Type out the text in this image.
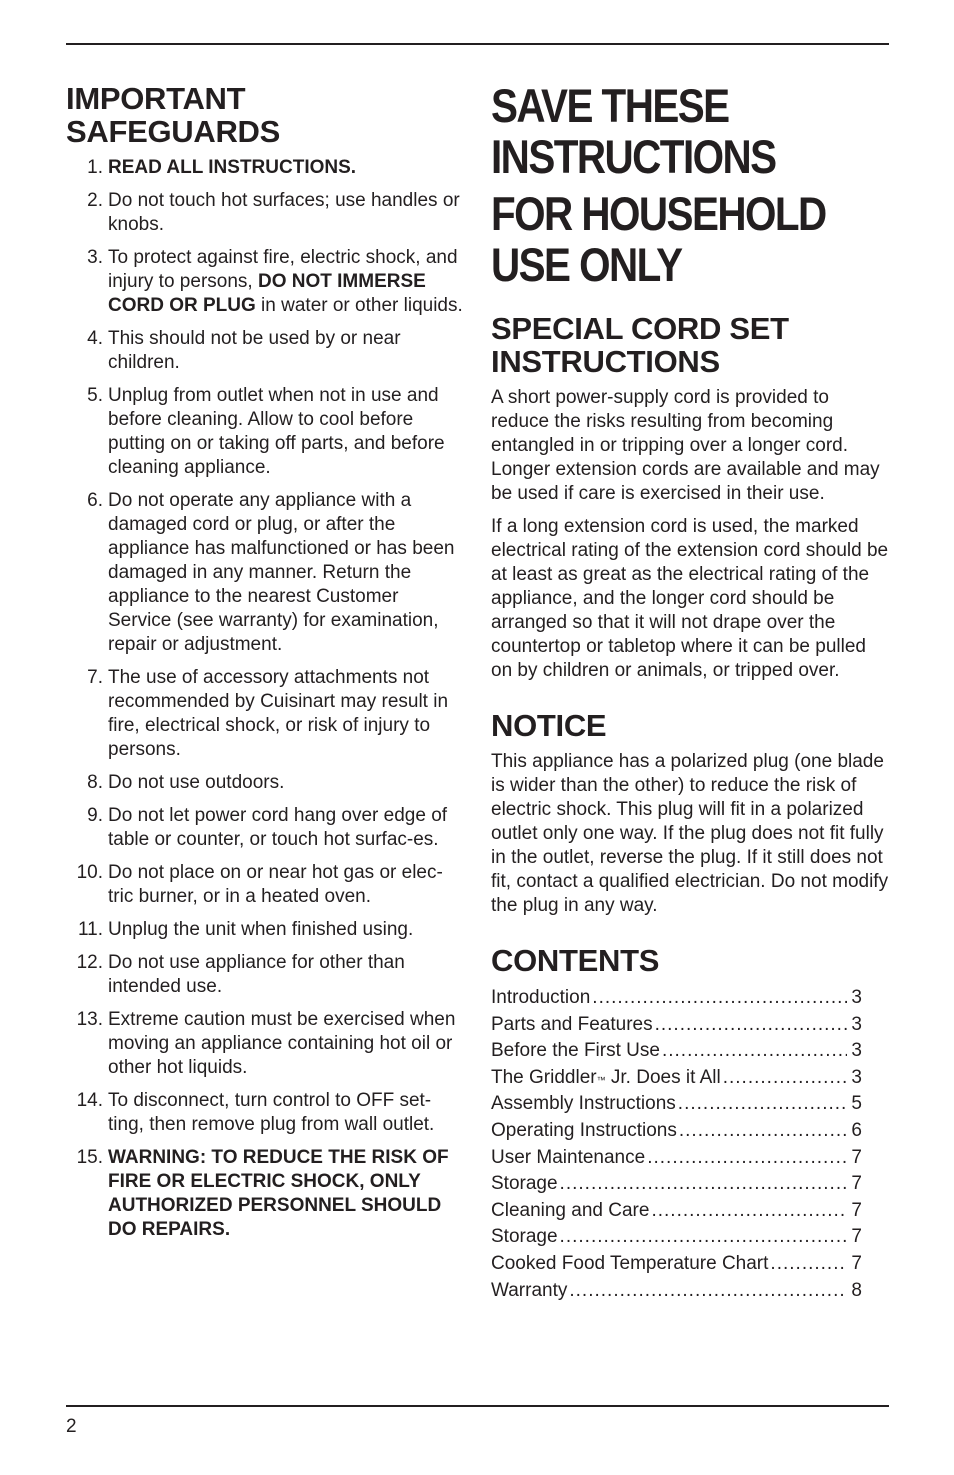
IMPORTANT
SAFEGUARDS
1. READ ALL INSTRUCTIONS.
2. Do not touch hot surfaces; use handles or knobs.
3. To protect against fire, electric shock, and injury to persons, DO NOT IMMERSE CORD OR PLUG in water or other liquids.
4. This should not be used by or near children.
5. Unplug from outlet when not in use and before cleaning. Allow to cool before putting on or taking off parts, and before cleaning appliance.
6. Do not operate any appliance with a damaged cord or plug, or after the appliance has malfunctioned or has been damaged in any manner. Return the appliance to the nearest Customer Service (see warranty) for examination, repair or adjustment.
7. The use of accessory attachments not recommended by Cuisinart may result in fire, electrical shock, or risk of injury to persons.
8. Do not use outdoors.
9. Do not let power cord hang over edge of table or counter, or touch hot surfac-es.
10. Do not place on or near hot gas or elec-tric burner, or in a heated oven.
11. Unplug the unit when finished using.
12. Do not use appliance for other than intended use.
13. Extreme caution must be exercised when moving an appliance containing hot oil or other hot liquids.
14. To disconnect, turn control to OFF set-ting, then remove plug from wall outlet.
15. WARNING: TO REDUCE THE RISK OF FIRE OR ELECTRIC SHOCK, ONLY AUTHORIZED PERSONNEL SHOULD DO REPAIRS.
SAVE THESE
INSTRUCTIONS
FOR HOUSEHOLD
USE ONLY
SPECIAL CORD SET
INSTRUCTIONS

A short power-supply cord is provided to reduce the risks resulting from becoming entangled in or tripping over a longer cord. Longer extension cords are available and may be used if care is exercised in their use.

If a long extension cord is used, the marked electrical rating of the extension cord should be at least as great as the electrical rating of the appliance, and the longer cord should be arranged so that it will not drape over the countertop or tabletop where it can be pulled on by children or animals, or tripped over.

NOTICE

This appliance has a polarized plug (one blade is wider than the other) to reduce the risk of electric shock. This plug will fit in a polarized outlet only one way. If the plug does not fit fully in the outlet, reverse the plug. If it still does not fit, contact a qualified electrician. Do not modify the plug in any way.

CONTENTS
Introduction .....	3
Parts and Features .....	3
Before the First Use .....	3
The Griddler™ Jr. Does it All .....	3
Assembly Instructions .....	5
Operating Instructions .....	6
User Maintenance .....	7
Storage .....	7
Cleaning and Care .....	7
Storage .....	7
Cooked Food Temperature Chart .....	7
Warranty .....	8
2
